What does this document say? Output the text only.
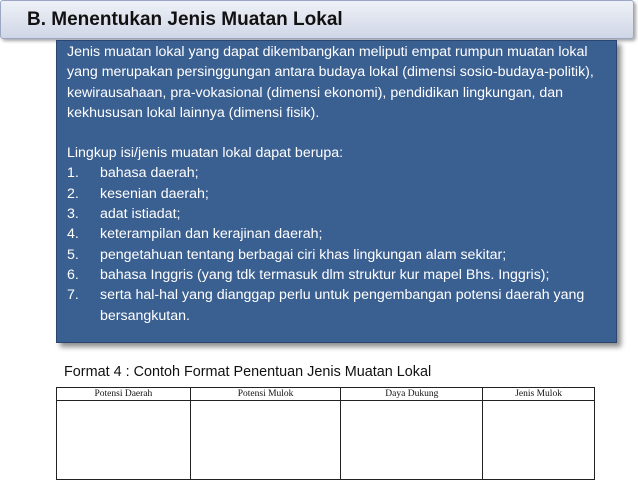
B. Menentukan Jenis Muatan Lokal

Jenis muatan lokal yang dapat dikembangkan meliputi empat rumpun muatan lokal yang merupakan persinggungan antara budaya lokal (dimensi sosio-budaya-politik), kewirausahaan, pra-vokasional (dimensi ekonomi), pendidikan lingkungan, dan kekhususan lokal lainnya (dimensi fisik).

Lingkup isi/jenis muatan lokal dapat berupa:

1. bahasa daerah;
2. kesenian daerah;
3. adat istiadat;
4. keterampilan dan kerajinan daerah;
5. pengetahuan tentang berbagai ciri khas lingkungan alam sekitar;
6. bahasa Inggris (yang tdk termasuk dlm struktur kur mapel Bhs. Inggris);
7. serta hal-hal yang dianggap perlu untuk pengembangan potensi daerah yang bersangkutan.
Format 4 : Contoh Format Penentuan Jenis Muatan Lokal
Potensi Daerah	Potensi Mulok	Daya Dukung	Jenis Mulok
